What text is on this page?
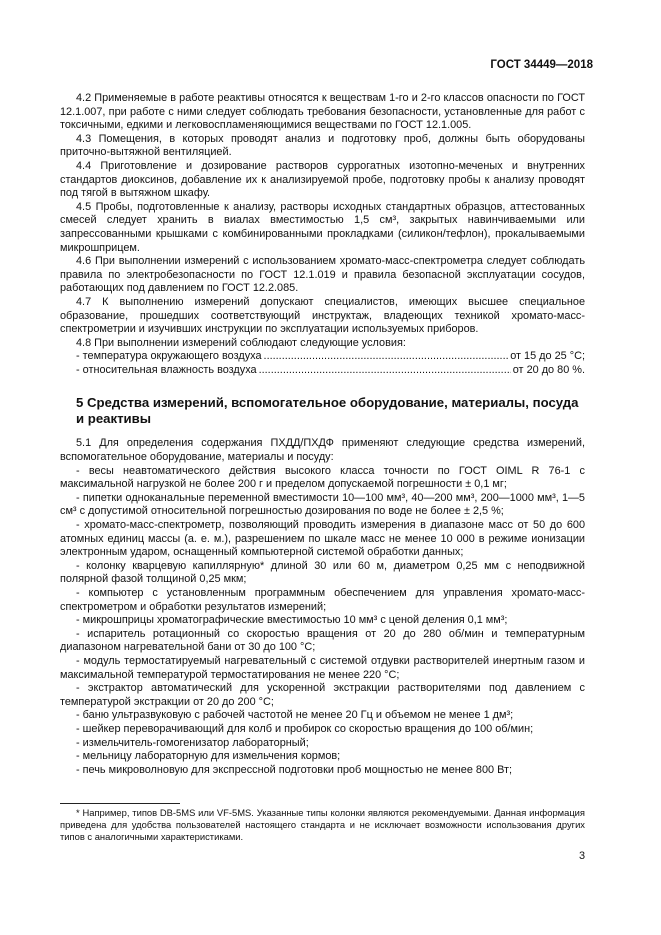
ГОСТ 34449—2018

4.2 Применяемые в работе реактивы относятся к веществам 1-го и 2-го классов опасности по ГОСТ 12.1.007, при работе с ними следует соблюдать требования безопасности, установленные для работ с токсичными, едкими и легковоспламеняющимися веществами по ГОСТ 12.1.005.

4.3 Помещения, в которых проводят анализ и подготовку проб, должны быть оборудованы приточно-вытяжной вентиляцией.

4.4 Приготовление и дозирование растворов суррогатных изотопно-меченых и внутренних стандартов диоксинов, добавление их к анализируемой пробе, подготовку пробы к анализу проводят под тягой в вытяжном шкафу.

4.5 Пробы, подготовленные к анализу, растворы исходных стандартных образцов, аттестованных смесей следует хранить в виалах вместимостью 1,5 см³, закрытых навинчиваемыми или запрессованными крышками с комбинированными прокладками (силикон/тефлон), прокалываемыми микрошприцем.

4.6 При выполнении измерений с использованием хромато-масс-спектрометра следует соблюдать правила по электробезопасности по ГОСТ 12.1.019 и правила безопасной эксплуатации сосудов, работающих под давлением по ГОСТ 12.2.085.

4.7 К выполнению измерений допускают специалистов, имеющих высшее специальное образование, прошедших соответствующий инструктаж, владеющих техникой хромато-масс-спектрометрии и изучивших инструкции по эксплуатации используемых приборов.

4.8 При выполнении измерений соблюдают следующие условия:

- температура окружающего воздуха .....	от 15 до 25 °С;
- относительная влажность воздуха .....	от 20 до 80 %.
5 Средства измерений, вспомогательное оборудование, материалы, посуда и реактивы

5.1 Для определения содержания ПХДД/ПХДФ применяют следующие средства измерений, вспомогательное оборудование, материалы и посуду:

- весы неавтоматического действия высокого класса точности по ГОСТ OIML R 76-1 с максимальной нагрузкой не более 200 г и пределом допускаемой погрешности ± 0,1 мг;

- пипетки одноканальные переменной вместимости 10—100 мм³, 40—200 мм³, 200—1000 мм³, 1—5 см³ с допустимой относительной погрешностью дозирования по воде не более ± 2,5 %;

- хромато-масс-спектрометр, позволяющий проводить измерения в диапазоне масс от 50 до 600 атомных единиц массы (а. е. м.), разрешением по шкале масс не менее 10 000 в режиме ионизации электронным ударом, оснащенный компьютерной системой обработки данных;

- колонку кварцевую капиллярную* длиной 30 или 60 м, диаметром 0,25 мм с неподвижной полярной фазой толщиной 0,25 мкм;

- компьютер с установленным программным обеспечением для управления хромато-масс-спектрометром и обработки результатов измерений;

- микрошприцы хроматографические вместимостью 10 мм³ с ценой деления 0,1 мм³;

- испаритель ротационный со скоростью вращения от 20 до 280 об/мин и температурным диапазоном нагревательной бани от 30 до 100 °С;

- модуль термостатируемый нагревательный с системой отдувки растворителей инертным газом и максимальной температурой термостатирования не менее 220 °С;

- экстрактор автоматический для ускоренной экстракции растворителями под давлением с температурой экстракции от 20 до 200 °С;

- баню ультразвуковую с рабочей частотой не менее 20 Гц и объемом не менее 1 дм³;

- шейкер переворачивающий для колб и пробирок со скоростью вращения до 100 об/мин;

- измельчитель-гомогенизатор лабораторный;

- мельницу лабораторную для измельчения кормов;

- печь микроволновую для экспрессной подготовки проб мощностью не менее 800 Вт;

* Например, типов DB-5MS или VF-5MS. Указанные типы колонки являются рекомендуемыми. Данная информация приведена для удобства пользователей настоящего стандарта и не исключает возможности использования других типов с аналогичными характеристиками.
3
